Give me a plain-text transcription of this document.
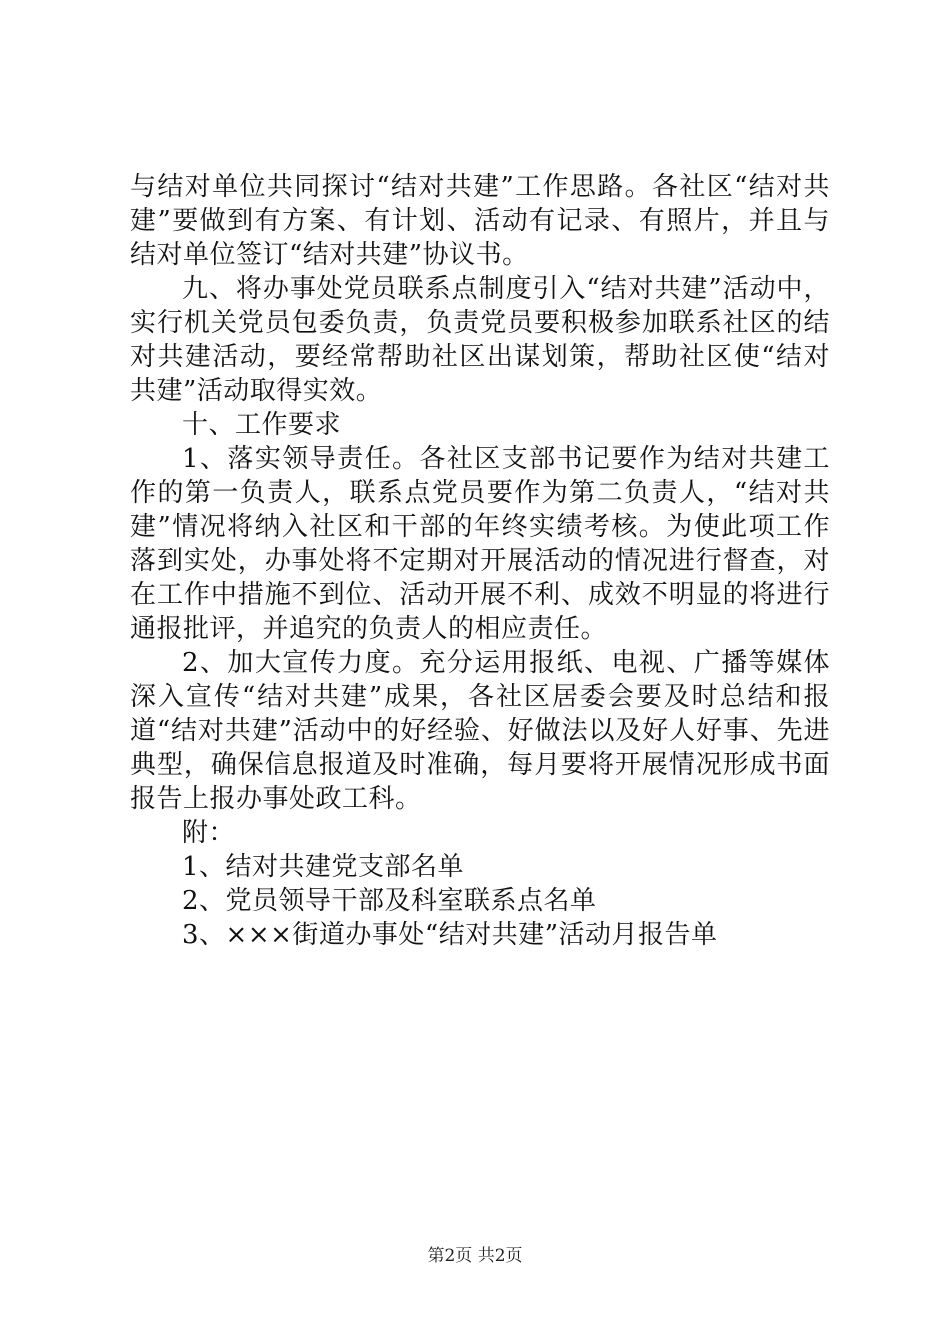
与结对单位共同探讨“结对共建”工作思路。各社区“结对共建”要做到有方案、有计划、活动有记录、有照片，并且与结对单位签订“结对共建”协议书。

九、将办事处党员联系点制度引入“结对共建”活动中，实行机关党员包委负责，负责党员要积极参加联系社区的结对共建活动，要经常帮助社区出谋划策，帮助社区使“结对共建”活动取得实效。

十、工作要求

1、落实领导责任。各社区支部书记要作为结对共建工作的第一负责人，联系点党员要作为第二负责人，“结对共建”情况将纳入社区和干部的年终实绩考核。为使此项工作落到实处，办事处将不定期对开展活动的情况进行督查，对在工作中措施不到位、活动开展不利、成效不明显的将进行通报批评，并追究的负责人的相应责任。

2、加大宣传力度。充分运用报纸、电视、广播等媒体深入宣传“结对共建”成果，各社区居委会要及时总结和报道“结对共建”活动中的好经验、好做法以及好人好事、先进典型，确保信息报道及时准确，每月要将开展情况形成书面报告上报办事处政工科。

附：

1、结对共建党支部名单

2、党员领导干部及科室联系点名单

3、×××街道办事处“结对共建”活动月报告单

第2页 共2页
